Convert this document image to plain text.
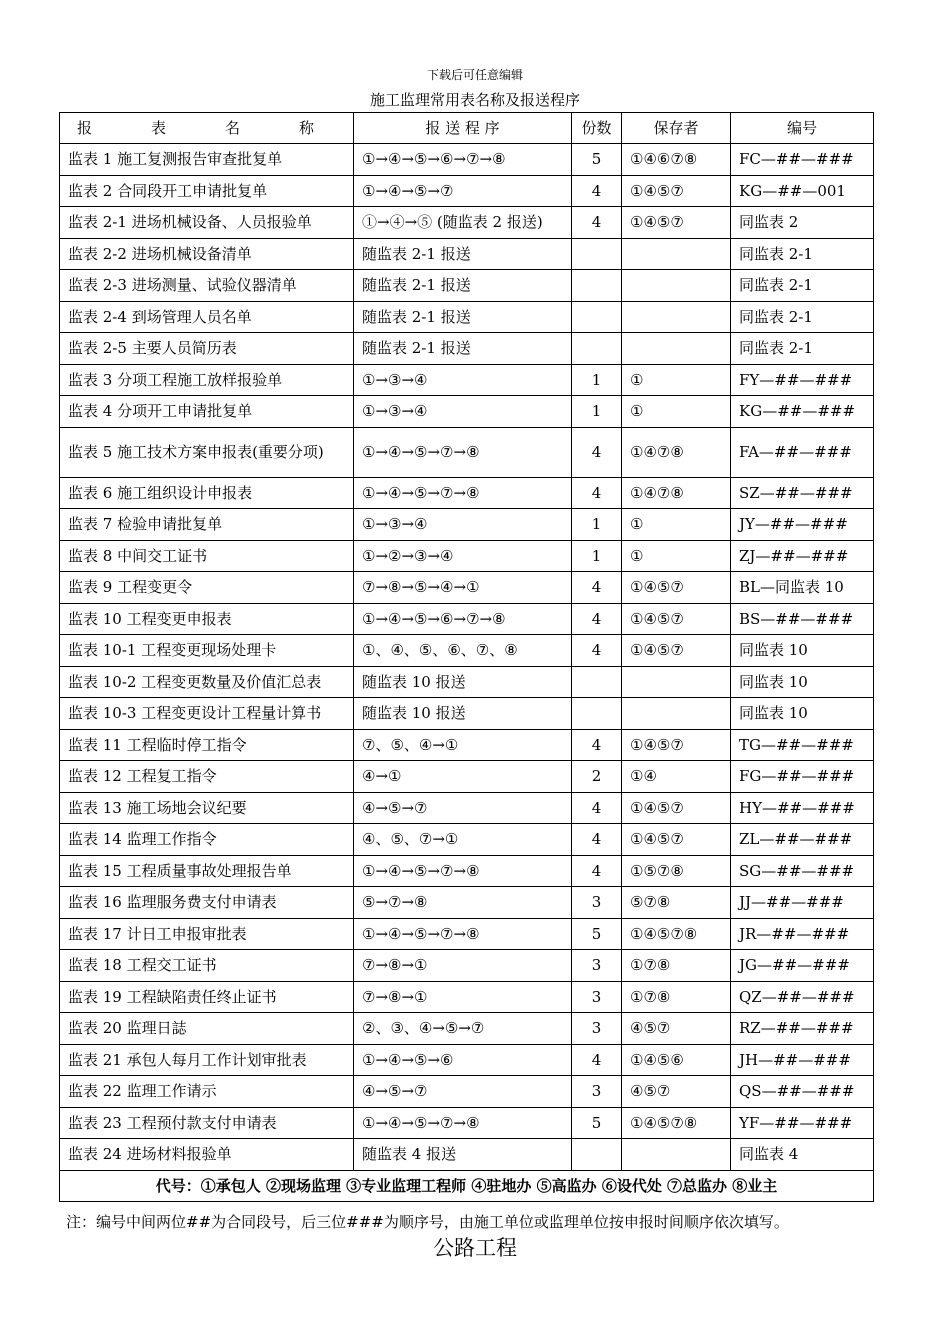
下载后可任意编辑
施工监理常用表名称及报送程序
报　表　名　称	报 送 程 序	份数	保存者	编号
监表 1 施工复测报告审查批复单	①→④→⑤→⑥→⑦→⑧	5	①④⑥⑦⑧	FC—##—###
监表 2 合同段开工申请批复单	①→④→⑤→⑦	4	①④⑤⑦	KG—##—001
监表 2-1 进场机械设备、人员报验单	①→④→⑤ (随监表 2 报送)	4	①④⑤⑦	同监表 2
监表 2-2 进场机械设备清单	随监表 2-1 报送			同监表 2-1
监表 2-3 进场测量、试验仪器清单	随监表 2-1 报送			同监表 2-1
监表 2-4 到场管理人员名单	随监表 2-1 报送			同监表 2-1
监表 2-5 主要人员简历表	随监表 2-1 报送			同监表 2-1
监表 3 分项工程施工放样报验单	①→③→④	1	①	FY—##—###
监表 4 分项开工申请批复单	①→③→④	1	①	KG—##—###
监表 5 施工技术方案申报表(重要分项)	①→④→⑤→⑦→⑧	4	①④⑦⑧	FA—##—###
监表 6 施工组织设计申报表	①→④→⑤→⑦→⑧	4	①④⑦⑧	SZ—##—###
监表 7 检验申请批复单	①→③→④	1	①	JY—##—###
监表 8 中间交工证书	①→②→③→④	1	①	ZJ—##—###
监表 9 工程变更令	⑦→⑧→⑤→④→①	4	①④⑤⑦	BL—同监表 10
监表 10 工程变更申报表	①→④→⑤→⑥→⑦→⑧	4	①④⑤⑦	BS—##—###
监表 10-1 工程变更现场处理卡	①、④、⑤、⑥、⑦、⑧	4	①④⑤⑦	同监表 10
监表 10-2 工程变更数量及价值汇总表	随监表 10 报送			同监表 10
监表 10-3 工程变更设计工程量计算书	随监表 10 报送			同监表 10
监表 11 工程临时停工指令	⑦、⑤、④→①	4	①④⑤⑦	TG—##—###
监表 12 工程复工指令	④→①	2	①④	FG—##—###
监表 13 施工场地会议纪要	④→⑤→⑦	4	①④⑤⑦	HY—##—###
监表 14 监理工作指令	④、⑤、⑦→①	4	①④⑤⑦	ZL—##—###
监表 15 工程质量事故处理报告单	①→④→⑤→⑦→⑧	4	①⑤⑦⑧	SG—##—###
监表 16 监理服务费支付申请表	⑤→⑦→⑧	3	⑤⑦⑧	JJ—##—###
监表 17 计日工申报审批表	①→④→⑤→⑦→⑧	5	①④⑤⑦⑧	JR—##—###
监表 18 工程交工证书	⑦→⑧→①	3	①⑦⑧	JG—##—###
监表 19 工程缺陷责任终止证书	⑦→⑧→①	3	①⑦⑧	QZ—##—###
监表 20 监理日誌	②、③、④→⑤→⑦	3	④⑤⑦	RZ—##—###
监表 21 承包人每月工作计划审批表	①→④→⑤→⑥	4	①④⑤⑥	JH—##—###
监表 22 监理工作请示	④→⑤→⑦	3	④⑤⑦	QS—##—###
监表 23 工程预付款支付申请表	①→④→⑤→⑦→⑧	5	①④⑤⑦⑧	YF—##—###
监表 24 进场材料报验单	随监表 4 报送			同监表 4
代号：①承包人 ②现场监理 ③专业监理工程师 ④驻地办 ⑤高监办 ⑥设代处 ⑦总监办 ⑧业主				
注：编号中间两位##为合同段号，后三位###为顺序号，由施工单位或监理单位按申报时间顺序依次填写。
公路工程
